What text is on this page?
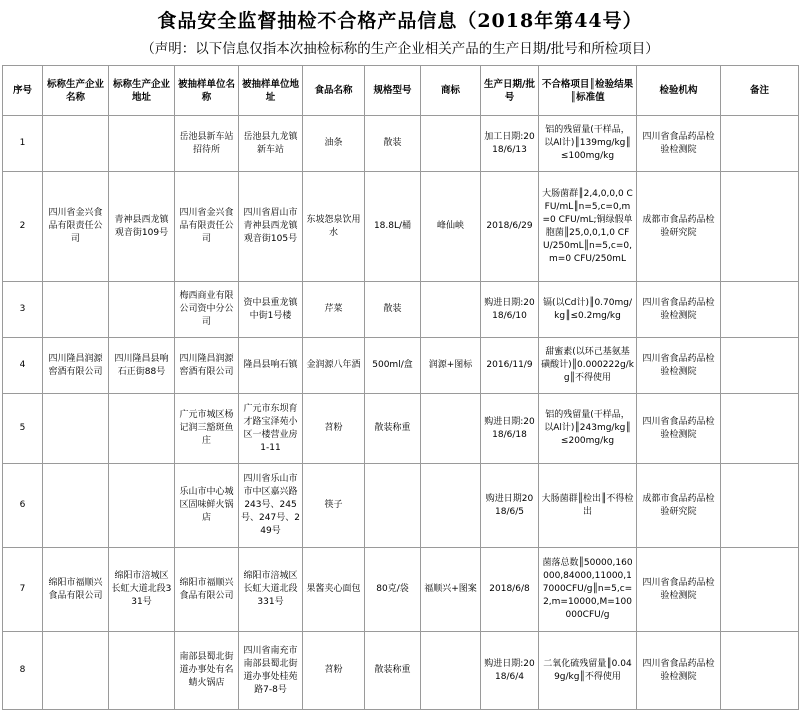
食品安全监督抽检不合格产品信息（2018年第44号）
（声明：以下信息仅指本次抽检标称的生产企业相关产品的生产日期/批号和所检项目）
序号	标称生产企业名称	标称生产企业地址	被抽样单位名称	被抽样单位地址	食品名称	规格型号	商标	生产日期/批号	不合格项目║检验结果║标准值	检验机构	备注
1			岳池县新车站招待所	岳池县九龙镇新车站	油条	散装		加工日期:2018/6/13	铝的残留量(干样品，以Al计)║139mg/kg║≤100mg/kg	四川省食品药品检验检测院	
2	四川省金兴食品有限责任公司	青神县西龙镇观音街109号	四川省金兴食品有限责任公司	四川省眉山市青神县西龙镇观音街105号	东坡怨泉饮用水	18.8L/桶	峰仙峡	2018/6/29	大肠菌群║2,4,0,0,0 CFU/mL║n=5,c=0,m=0 CFU/mL;铜绿假单胞菌║25,0,0,1,0 CFU/250mL║n=5,c=0,m=0 CFU/250mL	成都市食品药品检验研究院	
3			梅西商业有限公司资中分公司	资中县重龙镇中街1号楼	芹菜	散装		购进日期:2018/6/10	镉(以Cd计)║0.70mg/kg║≤0.2mg/kg	四川省食品药品检验检测院	
4	四川隆昌润源窖酒有限公司	四川隆昌县响石正街88号	四川隆昌润源窖酒有限公司	隆昌县响石镇	金润源八年酒	500ml/盒	润源+图标	2016/11/9	甜蜜素(以环己基氨基磺酸计)║0.000222g/kg║不得使用	四川省食品药品检验检测院	
5			广元市城区杨记润三豁斑鱼庄	广元市东坝育才路宝泽苑小区一楼营业房1-11	苕粉	散装称重		购进日期:2018/6/18	铝的残留量(干样品，以Al计)║243mg/kg║≤200mg/kg	四川省食品药品检验检测院	
6			乐山市中心城区固味鲜火锅店	四川省乐山市市中区嘉兴路243号、245号、247号、249号	筷子			购进日期2018/6/5	大肠菌群║检出║不得检出	成都市食品药品检验研究院	
7	绵阳市福顺兴食品有限公司	绵阳市涪城区长虹大道北段331号	绵阳市福顺兴食品有限公司	绵阳市涪城区长虹大道北段331号	果酱夹心面包	80克/袋	福顺兴+图案	2018/6/8	菌落总数║50000,160000,84000,11000,17000CFU/g║n=5,c=2,m=10000,M=100000CFU/g	四川省食品药品检验检测院	
8			南部县蜀北街道办事处有名蜻火锅店	四川省南充市南部县蜀北街道办事处桂苑路7-8号	苕粉	散装称重		购进日期:2018/6/4	二氧化硫残留量║0.049g/kg║不得使用	四川省食品药品检验检测院	
